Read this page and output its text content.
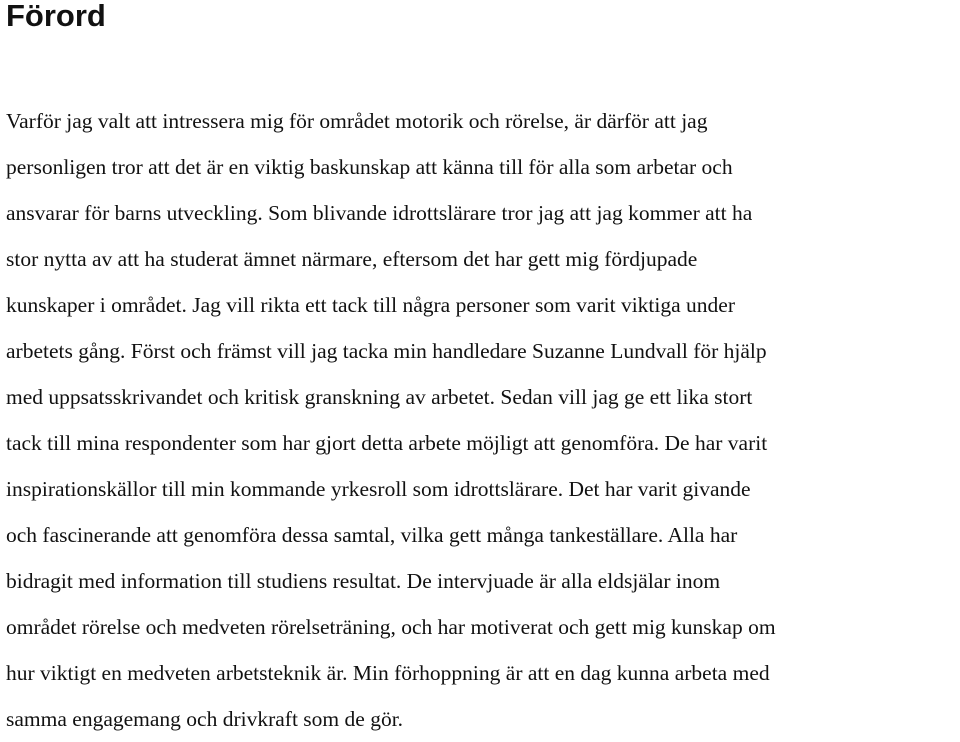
Förord
Varför jag valt att intressera mig för området motorik och rörelse, är därför att jag
personligen tror att det är en viktig baskunskap att känna till för alla som arbetar och
ansvarar för barns utveckling. Som blivande idrottslärare tror jag att jag kommer att ha
stor nytta av att ha studerat ämnet närmare, eftersom det har gett mig fördjupade
kunskaper i området. Jag vill rikta ett tack till några personer som varit viktiga under
arbetets gång. Först och främst vill jag tacka min handledare Suzanne Lundvall för hjälp
med uppsatsskrivandet och kritisk granskning av arbetet. Sedan vill jag ge ett lika stort
tack till mina respondenter som har gjort detta arbete möjligt att genomföra. De har varit
inspirationskällor till min kommande yrkesroll som idrottslärare. Det har varit givande
och fascinerande att genomföra dessa samtal, vilka gett många tankeställare. Alla har
bidragit med information till studiens resultat. De intervjuade är alla eldsjälar inom
området rörelse och medveten rörelseträning, och har motiverat och gett mig kunskap om
hur viktigt en medveten arbetsteknik är. Min förhoppning är att en dag kunna arbeta med
samma engagemang och drivkraft som de gör.
